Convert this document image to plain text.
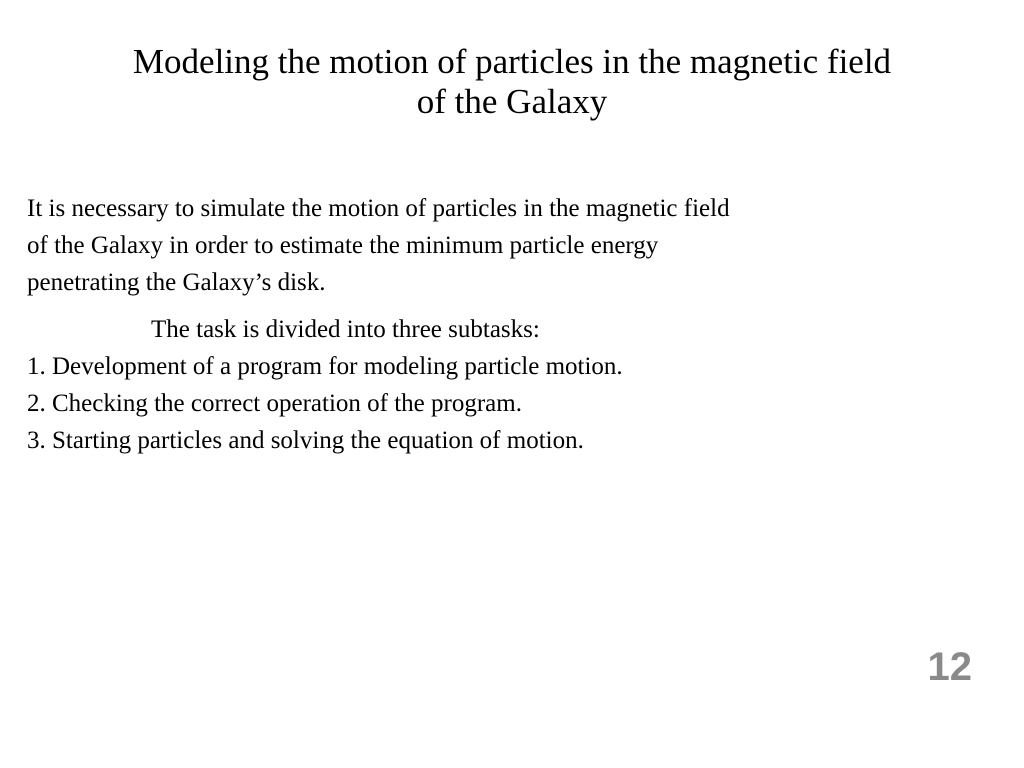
Modeling the motion of particles in the magnetic field
of the Galaxy

It is necessary to simulate the motion of particles in the magnetic field
of the Galaxy in order to estimate the minimum particle energy
penetrating the Galaxy’s disk.

The task is divided into three subtasks:

1. Development of a program for modeling particle motion.
2. Checking the correct operation of the program.
3. Starting particles and solving the equation of motion.
12
